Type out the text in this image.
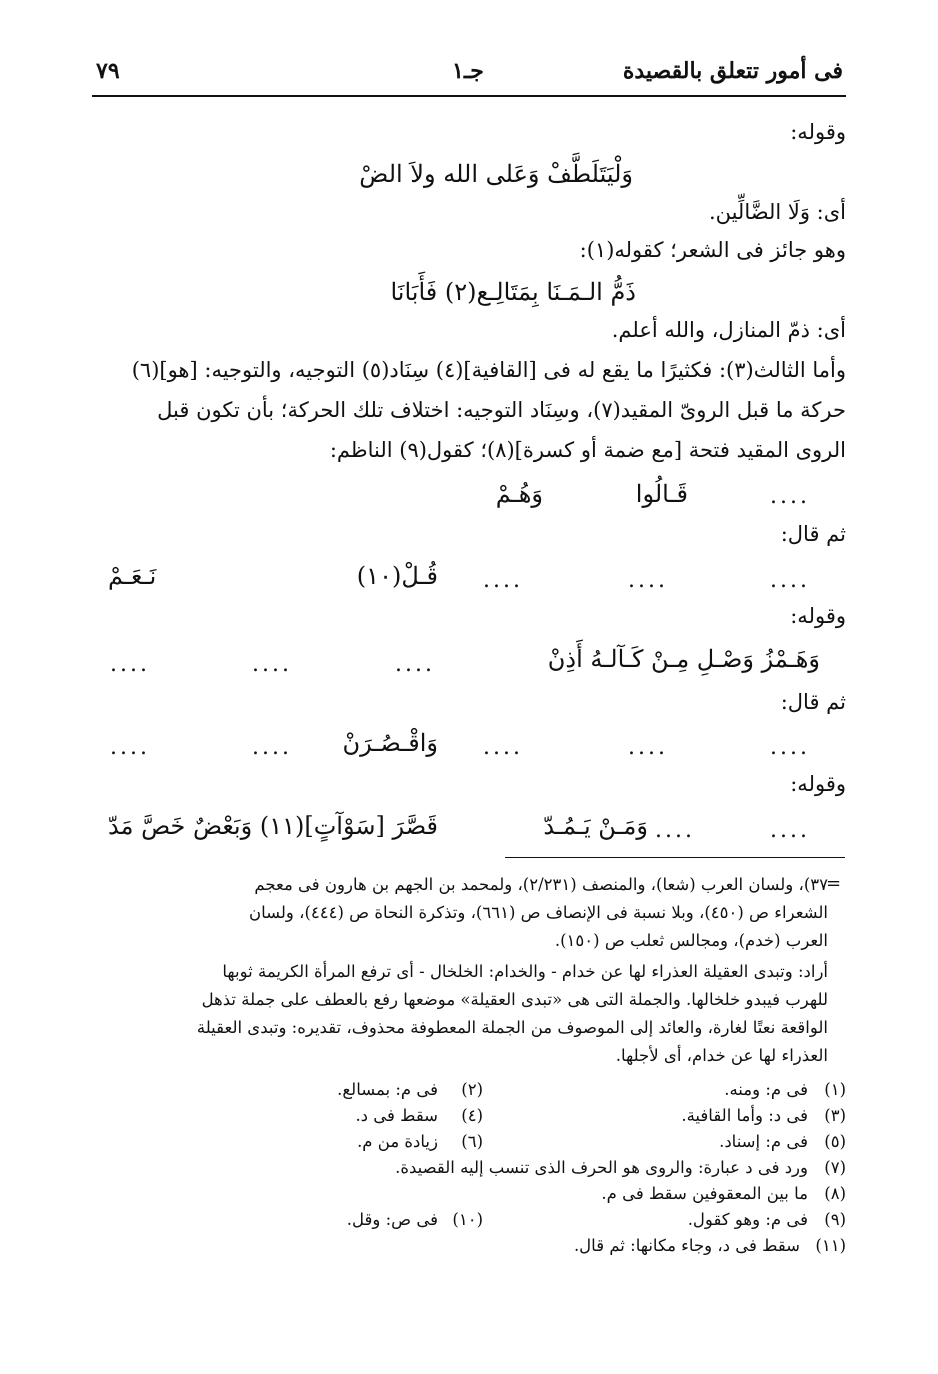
٧٩	جـ١	فى أمور تتعلق بالقصيدة
وقوله:
وَلْيَتَلَطَّفْ وَعَلى الله ولاَ الضْ
أى: وَلَا الضَّالِّين.
وهو جائز فى الشعر؛ كقوله(١):
ذَمُّ الـمَـنَا بِمَتَالِـع(٢) فَأَبَانَا
أى: ذمّ المنازل، والله أعلم.
وأما الثالث(٣): فكثيرًا ما يقع له فى [القافية](٤) سِنَاد(٥) التوجيه، والتوجيه: [هو](٦)
حركة ما قبل الروىّ المقيد(٧)، وسِنَاد التوجيه: اختلاف تلك الحركة؛ بأن تكون قبل
الروى المقيد فتحة [مع ضمة أو كسرة](٨)؛ كقول(٩) الناظم:
....
قَـالُوا
وَهُـمْ
ثم قال:
....
....
....
قُـلْ(١٠)
نَـعَـمْ
وقوله:
وَهَـمْزُ وَصْـلِ مِـنْ كَـآلـهُ أَذِنْ
....
....
....
ثم قال:
....
....
....
وَاقْـصُـرَنْ
....
....
وقوله:
....
وَمَـنْ يَـمُـدّ ....
قَصَّرَ [سَوْآتٍ](١١) وَبَعْضٌ خَصَّ مَدّ
=
٣٧)، ولسان العرب (شعا)، والمنصف (٢/٢٣١)، ولمحمد بن الجهم بن هارون فى معجم
الشعراء ص (٤٥٠)، وبلا نسبة فى الإنصاف ص (٦٦١)، وتذكرة النحاة ص (٤٤٤)، ولسان
العرب (خدم)، ومجالس ثعلب ص (١٥٠).
أراد: وتبدى العقيلة العذراء لها عن خدام - والخدام: الخلخال - أى ترفع المرأة الكريمة ثوبها
للهرب فيبدو خلخالها. والجملة التى هى «تبدى العقيلة» موضعها رفع بالعطف على جملة تذهل
الواقعة نعتًا لغارة، والعائد إلى الموصوف من الجملة المعطوفة محذوف، تقديره: وتبدى العقيلة
العذراء لها عن خدام، أى لأجلها.
(١)
فى م: ومنه.
(٢)
فى م: بمسالع.
(٣)
فى د: وأما القافية.
(٤)
سقط فى د.
(٥)
فى م: إسناد.
(٦)
زيادة من م.
(٧)
ورد فى د عبارة: والروى هو الحرف الذى تنسب إليه القصيدة.
(٨)
ما بين المعقوفين سقط فى م.
(٩)
فى م: وهو كقول.
(١٠)
فى ص: وقل.
(١١)
سقط فى د، وجاء مكانها: ثم قال.
